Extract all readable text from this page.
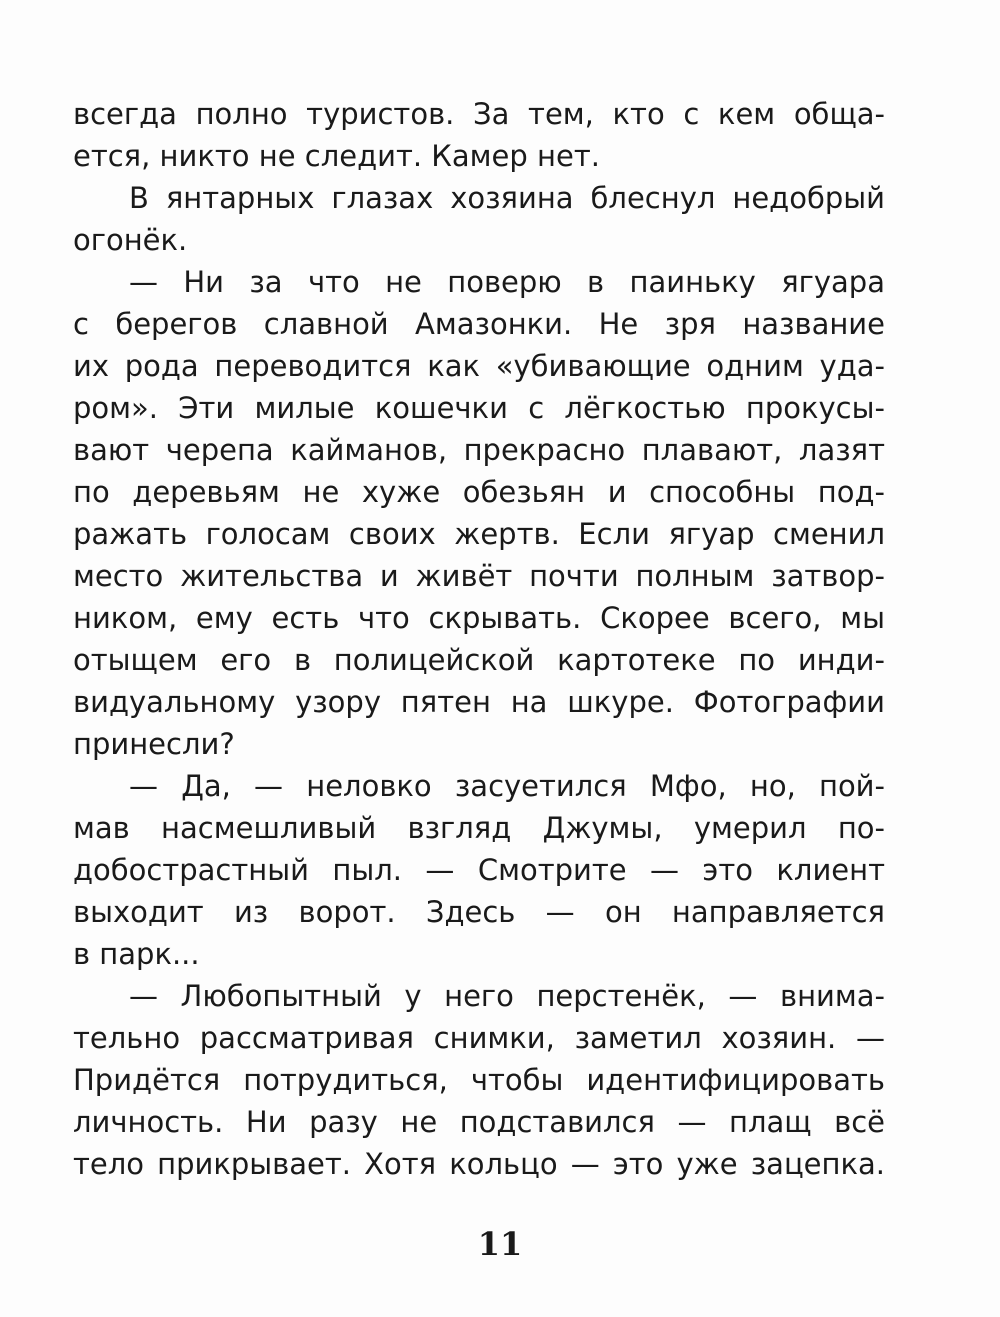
всегда полно туристов. За тем, кто с кем обща-
ется, никто не следит. Камер нет.
В янтарных глазах хозяина блеснул недобрый
огонёк.
— Ни за что не поверю в паиньку ягуара
с берегов славной Амазонки. Не зря название
их рода переводится как «убивающие одним уда-
ром». Эти милые кошечки с лёгкостью прокусы-
вают черепа кайманов, прекрасно плавают, лазят
по деревьям не хуже обезьян и способны под-
ражать голосам своих жертв. Если ягуар сменил
место жительства и живёт почти полным затвор-
ником, ему есть что скрывать. Скорее всего, мы
отыщем его в полицейской картотеке по инди-
видуальному узору пятен на шкуре. Фотографии
принесли?
— Да, — неловко засуетился Мфо, но, пой-
мав насмешливый взгляд Джумы, умерил по-
добострастный пыл. — Смотрите — это клиент
выходит из ворот. Здесь — он направляется
в парк...
— Любопытный у него перстенёк, — внима-
тельно рассматривая снимки, заметил хозяин. —
Придётся потрудиться, чтобы идентифицировать
личность. Ни разу не подставился — плащ всё
тело прикрывает. Хотя кольцо — это уже зацепка.
11
